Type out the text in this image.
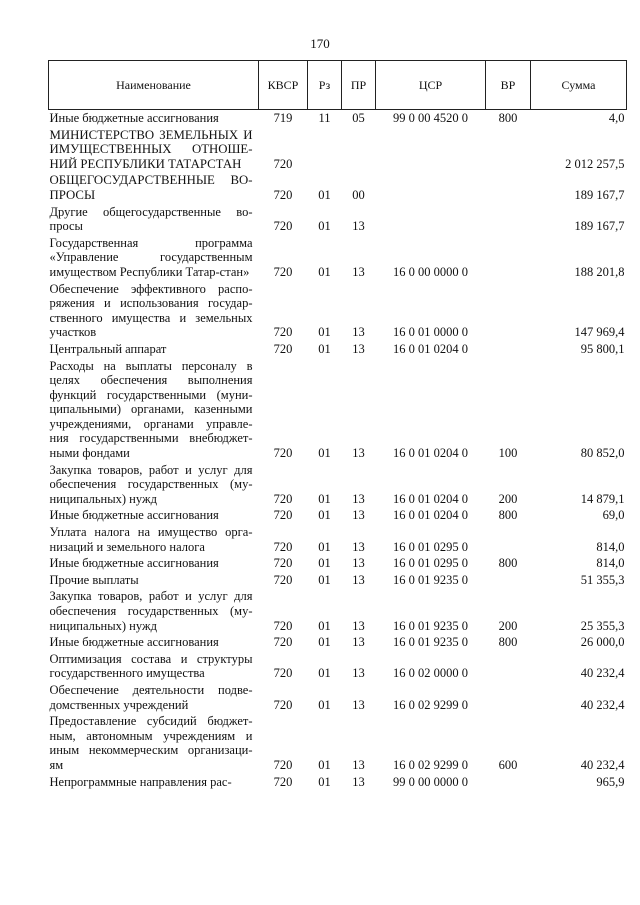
170
Наименование	КВСР	Рз	ПР	ЦСР	ВР	Сумма
Иные бюджетные ассигнования	719	11	05	99 0 00 4520 0	800	4,0
МИНИСТЕРСТВО ЗЕМЕЛЬНЫХ И ИМУЩЕСТВЕННЫХ ОТНОШЕ-НИЙ РЕСПУБЛИКИ ТАТАРСТАН	720					2 012 257,5
ОБЩЕГОСУДАРСТВЕННЫЕ ВО-ПРОСЫ	720	01	00			189 167,7
Другие общегосударственные во-просы	720	01	13			189 167,7
Государственная программа «Управление государственным имуществом Республики Татар-стан»	720	01	13	16 0 00 0000 0		188 201,8
Обеспечение эффективного распо-ряжения и использования государ-ственного имущества и земельных участков	720	01	13	16 0 01 0000 0		147 969,4
Центральный аппарат	720	01	13	16 0 01 0204 0		95 800,1
Расходы на выплаты персоналу в целях обеспечения выполнения функций государственными (муни-ципальными) органами, казенными учреждениями, органами управле-ния государственными внебюджет-ными фондами	720	01	13	16 0 01 0204 0	100	80 852,0
Закупка товаров, работ и услуг для обеспечения государственных (му-ниципальных) нужд	720	01	13	16 0 01 0204 0	200	14 879,1
Иные бюджетные ассигнования	720	01	13	16 0 01 0204 0	800	69,0
Уплата налога на имущество орга-низаций и земельного налога	720	01	13	16 0 01 0295 0		814,0
Иные бюджетные ассигнования	720	01	13	16 0 01 0295 0	800	814,0
Прочие выплаты	720	01	13	16 0 01 9235 0		51 355,3
Закупка товаров, работ и услуг для обеспечения государственных (му-ниципальных) нужд	720	01	13	16 0 01 9235 0	200	25 355,3
Иные бюджетные ассигнования	720	01	13	16 0 01 9235 0	800	26 000,0
Оптимизация состава и структуры государственного имущества	720	01	13	16 0 02 0000 0		40 232,4
Обеспечение деятельности подве-домственных учреждений	720	01	13	16 0 02 9299 0		40 232,4
Предоставление субсидий бюджет-ным, автономным учреждениям и иным некоммерческим организаци-ям	720	01	13	16 0 02 9299 0	600	40 232,4
Непрограммные направления рас-	720	01	13	99 0 00 0000 0		965,9
